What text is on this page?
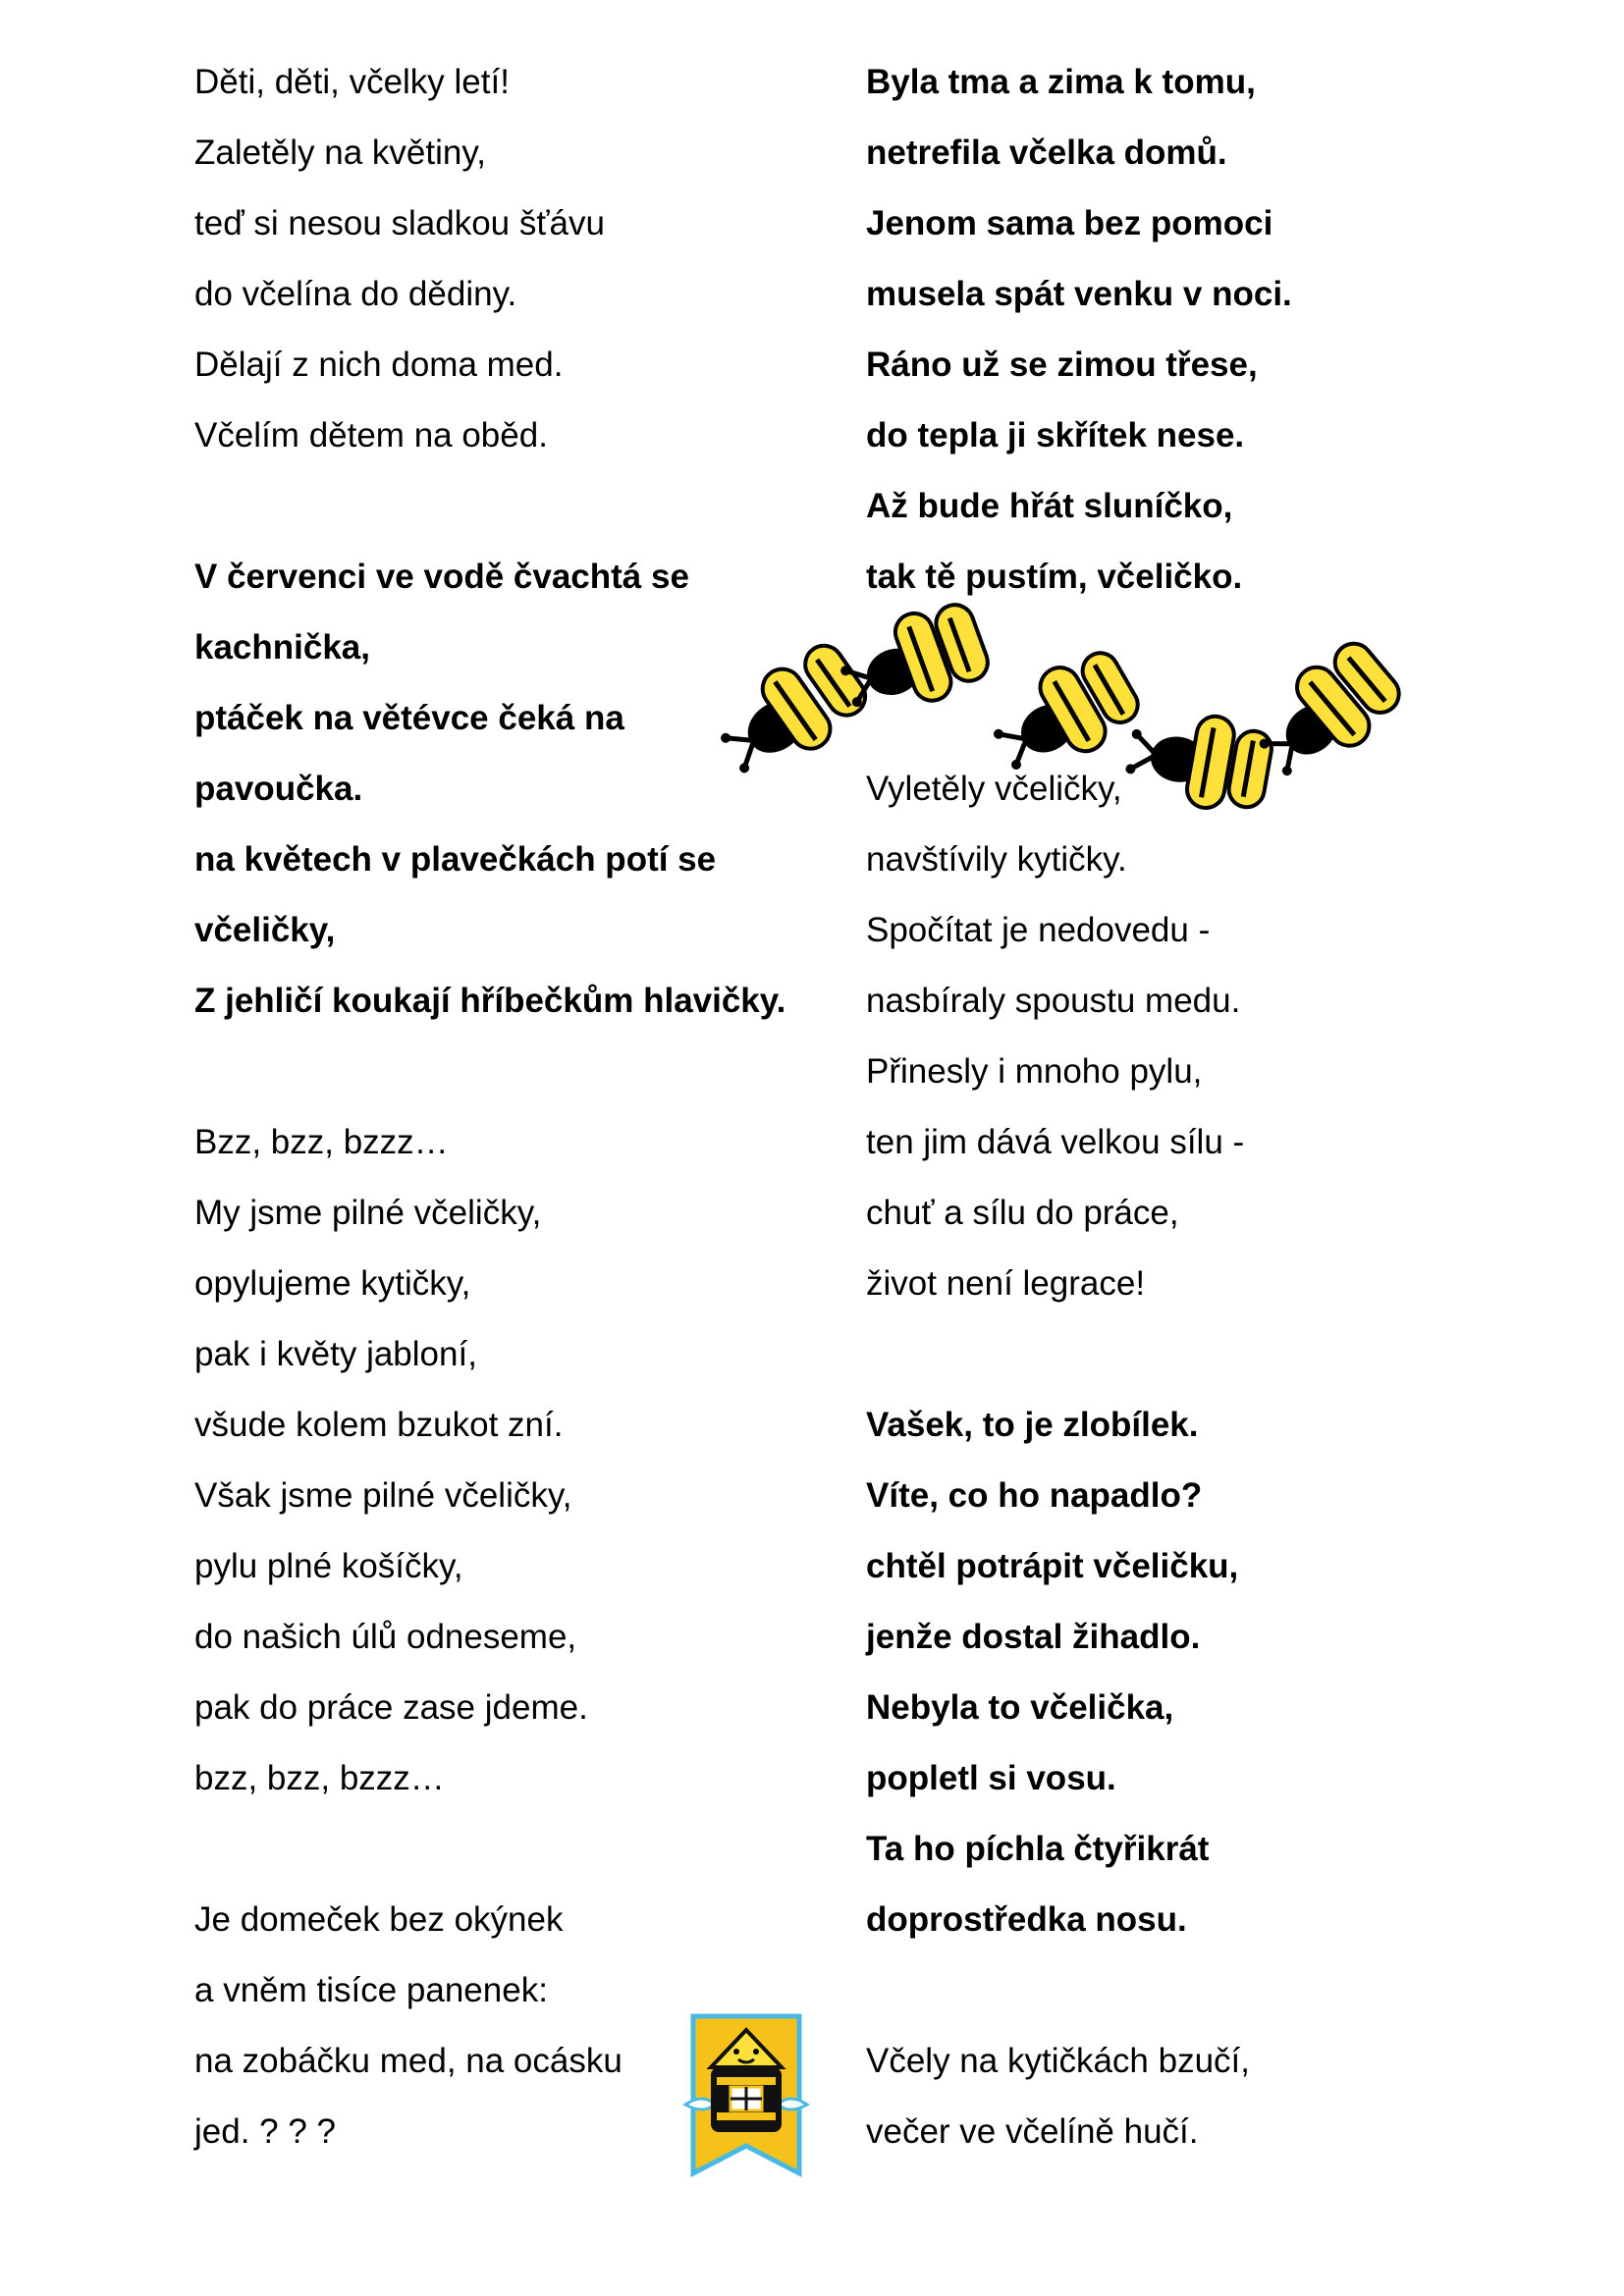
Děti, děti, včelky letí!
Zaletěly na květiny,
teď si nesou sladkou šťávu
do včelína do dědiny.
Dělají z nich doma med.
Včelím dětem na oběd.
V červenci ve vodě čvachtá se
kachnička,
ptáček na větévce čeká na
pavoučka.
na květech v plavečkách potí se
včeličky,
Z jehličí koukají hříbečkům hlavičky.
Bzz, bzz, bzzz…
My jsme pilné včeličky,
opylujeme kytičky,
pak i květy jabloní,
všude kolem bzukot zní.
Však jsme pilné včeličky,
pylu plné košíčky,
do našich úlů odneseme,
pak do práce zase jdeme.
bzz, bzz, bzzz…
Je domeček bez okýnek
a vněm tisíce panenek:
na zobáčku med, na ocásku
jed. ? ? ?
Byla tma a zima k tomu,
netrefila včelka domů.
Jenom sama bez pomoci
musela spát venku v noci.
Ráno už se zimou třese,
do tepla ji skřítek nese.
Až bude hřát sluníčko,
tak tě pustím, včeličko.
Vyletěly včeličky,
navštívily kytičky.
Spočítat je nedovedu -
nasbíraly spoustu medu.
Přinesly i mnoho pylu,
ten jim dává velkou sílu -
chuť a sílu do práce,
život není legrace!
Vašek, to je zlobílek.
Víte, co ho napadlo?
chtěl potrápit včeličku,
jenže dostal žihadlo.
Nebyla to včelička,
popletl si vosu.
Ta ho píchla čtyřikrát
doprostředka nosu.
Včely na kytičkách bzučí,
večer ve včelíně hučí.
